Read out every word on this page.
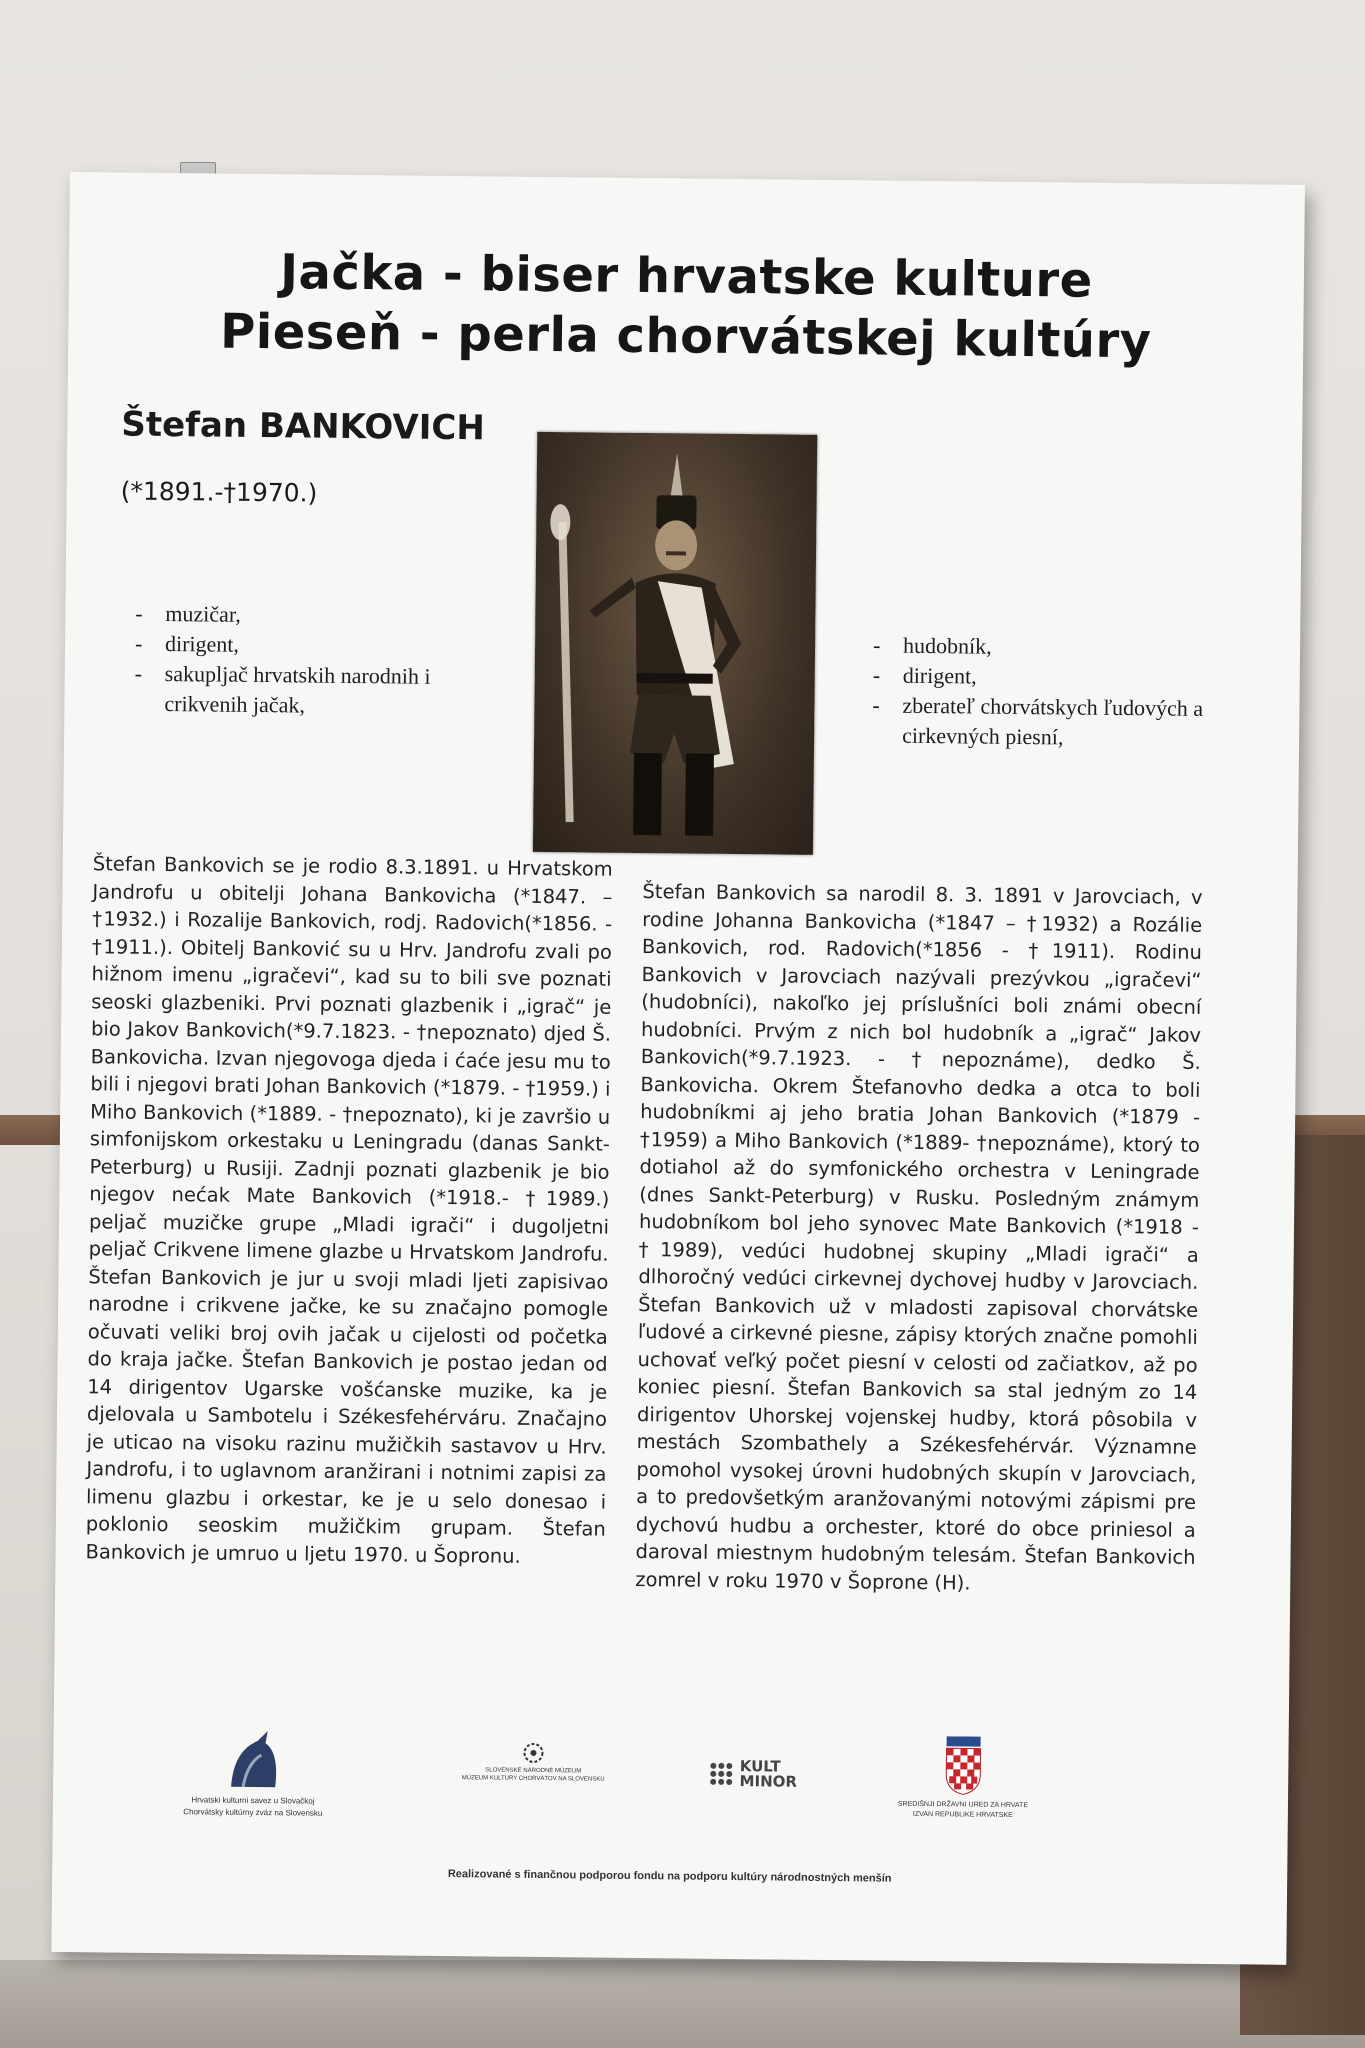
Jačka - biser hrvatske kulture
Pieseň - perla chorvátskej kultúry
Štefan BANKOVICH
(*1891.-†1970.)
- muzičar,
- dirigent,
- sakupljač hrvatskih narodnih i crikvenih jačak,
- hudobník,
- dirigent,
- zberateľ chorvátskych ľudových a cirkevných piesní,
Štefan Bankovich se je rodio 8.3.1891. u Hrvatskom Jandrofu u obitelji Johana Bankovicha (*1847. – †1932.) i Rozalije Bankovich, rodj. Radovich(*1856. - †1911.). Obitelj Banković su u Hrv. Jandrofu zvali po hižnom imenu „igračevi“, kad su to bili sve poznati seoski glazbeniki. Prvi poznati glazbenik i „igrač“ je bio Jakov Bankovich(*9.7.1823. - †nepoznato) djed Š. Bankovicha. Izvan njegovoga djeda i ćaće jesu mu to bili i njegovi brati Johan Bankovich (*1879. - †1959.) i Miho Bankovich (*1889. - †nepoznato), ki je završio u simfonijskom orkestaku u Leningradu (danas Sankt-Peterburg) u Rusiji. Zadnji poznati glazbenik je bio njegov nećak Mate Bankovich (*1918.- †1989.) peljač muzičke grupe „Mladi igrači“ i dugoljetni peljač Crikvene limene glazbe u Hrvatskom Jandrofu. Štefan Bankovich je jur u svoji mladi ljeti zapisivao narodne i crikvene jačke, ke su značajno pomogle očuvati veliki broj ovih jačak u cijelosti od početka do kraja jačke. Štefan Bankovich je postao jedan od 14 dirigentov Ugarske vošćanske muzike, ka je djelovala u Sambotelu i Székesfehérváru. Značajno je uticao na visoku razinu mužičkih sastavov u Hrv. Jandrofu, i to uglavnom aranžirani i notnimi zapisi za limenu glazbu i orkestar, ke je u selo donesao i poklonio seoskim mužičkim grupam. Štefan Bankovich je umruo u ljetu 1970. u Šopronu.
Štefan Bankovich sa narodil 8. 3. 1891 v Jarovciach, v rodine Johanna Bankovicha (*1847 – †1932) a Rozálie Bankovich, rod. Radovich(*1856 - †1911). Rodinu Bankovich v Jarovciach nazývali prezývkou „igračevi“ (hudobníci), nakoľko jej príslušníci boli známi obecní hudobníci. Prvým z nich bol hudobník a „igrač“ Jakov Bankovich(*9.7.1923. - †nepoznáme), dedko Š. Bankovicha. Okrem Štefanovho dedka a otca to boli hudobníkmi aj jeho bratia Johan Bankovich (*1879 - †1959) a Miho Bankovich (*1889- †nepoznáme), ktorý to dotiahol až do symfonického orchestra v Leningrade (dnes Sankt-Peterburg) v Rusku. Posledným známym hudobníkom bol jeho synovec Mate Bankovich (*1918 - †1989), vedúci hudobnej skupiny „Mladi igrači“ a dlhoročný vedúci cirkevnej dychovej hudby v Jarovciach. Štefan Bankovich už v mladosti zapisoval chorvátske ľudové a cirkevné piesne, zápisy ktorých značne pomohli uchovať veľký počet piesní v celosti od začiatkov, až po koniec piesní. Štefan Bankovich sa stal jedným zo 14 dirigentov Uhorskej vojenskej hudby, ktorá pôsobila v mestách Szombathely a Székesfehérvár. Významne pomohol vysokej úrovni hudobných skupín v Jarovciach, a to predovšetkým aranžovanými notovými zápismi pre dychovú hudbu a orchester, ktoré do obce priniesol a daroval miestnym hudobným telesám. Štefan Bankovich zomrel v roku 1970 v Šoprone (H).
Hrvatski kulturni savez u Slovačkoj
Chorvátsky kultúrny zväz na Slovensku
SLOVENSKÉ NÁRODNÉ MÚZEUM
MÚZEUM KULTÚRY CHORVÁTOV NA SLOVENSKU

KULT
MINOR
SREDIŠNJI DRŽAVNI URED ZA HRVATE
IZVAN REPUBLIKE HRVATSKE
Realizované s finančnou podporou fondu na podporu kultúry národnostných menšín
